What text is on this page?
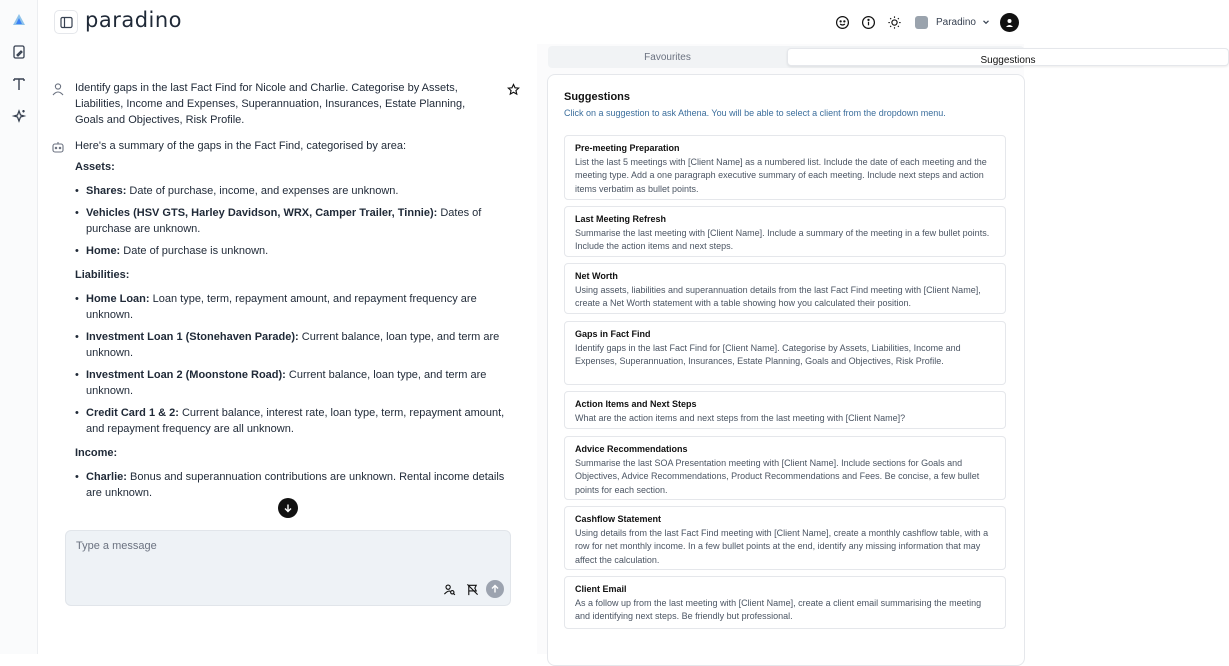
paradino	Paradino
Identify gaps in the last Fact Find for Nicole and Charlie. Categorise by Assets, Liabilities, Income and Expenses, Superannuation, Insurances, Estate Planning, Goals and Objectives, Risk Profile.

Here's a summary of the gaps in the Fact Find, categorised by area:

Assets:

• Shares: Date of purchase, income, and expenses are unknown.
• Vehicles (HSV GTS, Harley Davidson, WRX, Camper Trailer, Tinnie): Dates of purchase are unknown.
• Home: Date of purchase is unknown.

Liabilities:

• Home Loan: Loan type, term, repayment amount, and repayment frequency are unknown.
• Investment Loan 1 (Stonehaven Parade): Current balance, loan type, and term are unknown.
• Investment Loan 2 (Moonstone Road): Current balance, loan type, and term are unknown.
• Credit Card 1 & 2: Current balance, interest rate, loan type, term, repayment amount, and repayment frequency are all unknown.

Income:

• Charlie: Bonus and superannuation contributions are unknown. Rental income details are unknown.
Type a message
Favourites	Suggestions
Suggestions
Click on a suggestion to ask Athena. You will be able to select a client from the dropdown menu.
Pre-meeting Preparation
List the last 5 meetings with [Client Name] as a numbered list. Include the date of each meeting and the meeting type. Add a one paragraph executive summary of each meeting. Include next steps and action items verbatim as bullet points.
Last Meeting Refresh
Summarise the last meeting with [Client Name]. Include a summary of the meeting in a few bullet points. Include the action items and next steps.
Net Worth
Using assets, liabilities and superannuation details from the last Fact Find meeting with [Client Name], create a Net Worth statement with a table showing how you calculated their position.
Gaps in Fact Find
Identify gaps in the last Fact Find for [Client Name]. Categorise by Assets, Liabilities, Income and Expenses, Superannuation, Insurances, Estate Planning, Goals and Objectives, Risk Profile.
Action Items and Next Steps
What are the action items and next steps from the last meeting with [Client Name]?
Advice Recommendations
Summarise the last SOA Presentation meeting with [Client Name]. Include sections for Goals and Objectives, Advice Recommendations, Product Recommendations and Fees. Be concise, a few bullet points for each section.
Cashflow Statement
Using details from the last Fact Find meeting with [Client Name], create a monthly cashflow table, with a row for net monthly income. In a few bullet points at the end, identify any missing information that may affect the calculation.
Client Email
As a follow up from the last meeting with [Client Name], create a client email summarising the meeting and identifying next steps. Be friendly but professional.
